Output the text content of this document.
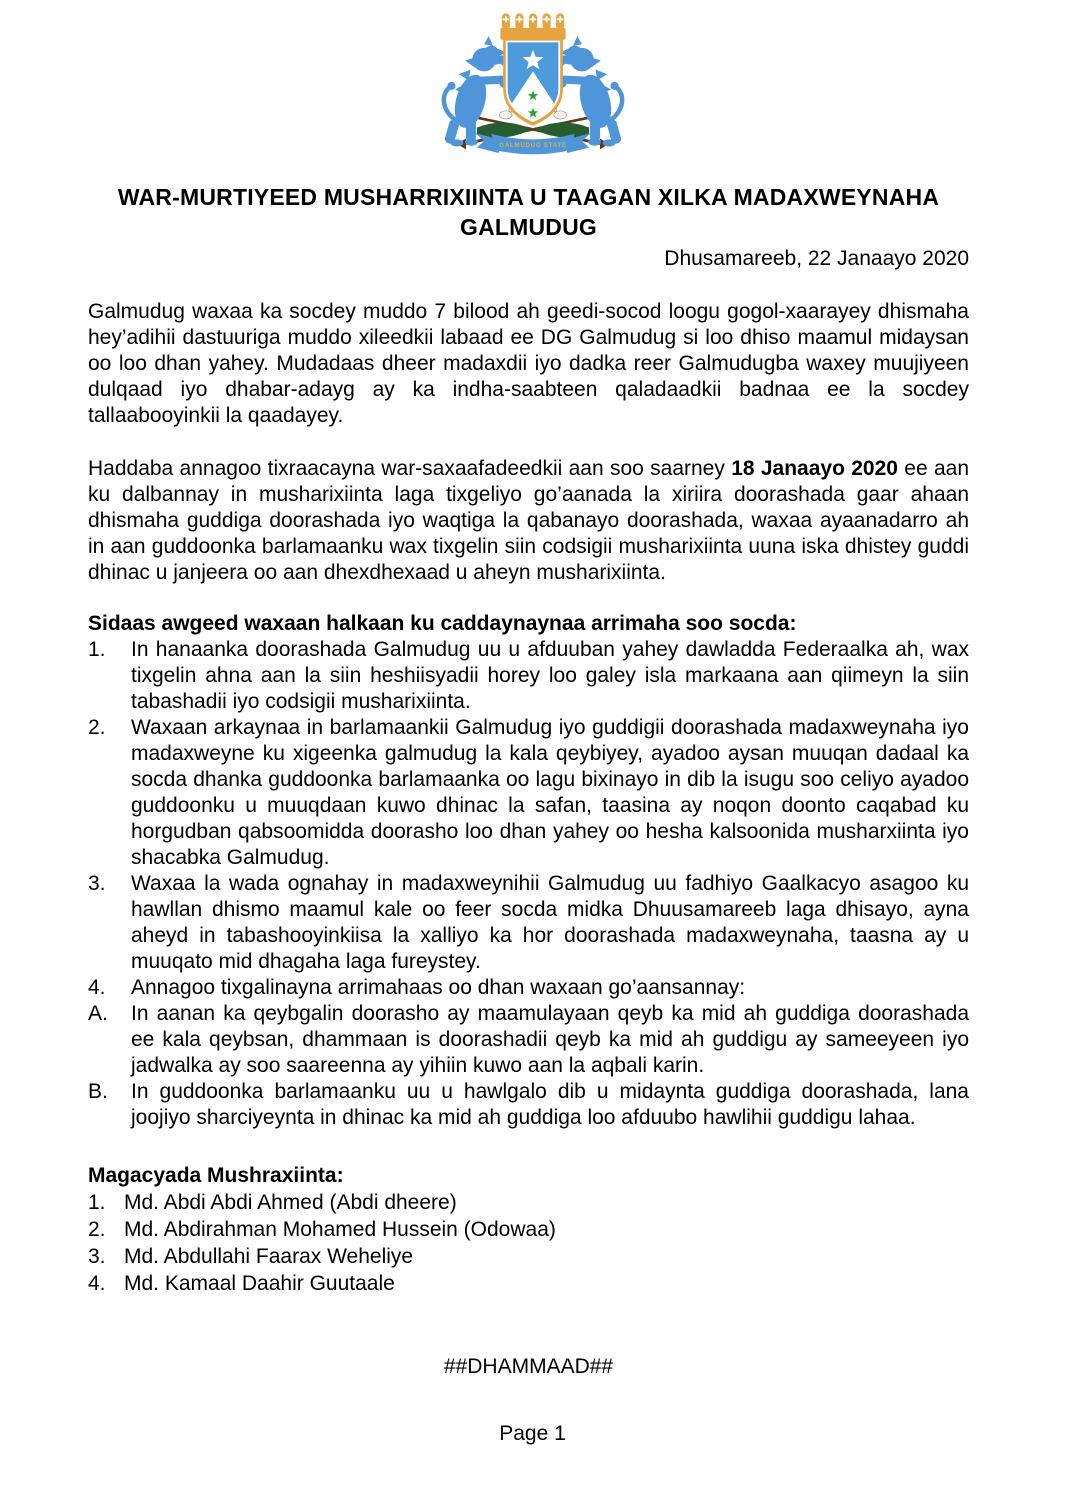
GALMUDUG STATE
WAR-MURTIYEED MUSHARRIXIINTA U TAAGAN XILKA MADAXWEYNAHA
GALMUDUG
Dhusamareeb, 22 Janaayo 2020

Galmudug waxaa ka socdey muddo 7 bilood ah geedi-socod loogu gogol-xaarayey dhismaha hey’adihii dastuuriga muddo xileedkii labaad ee DG Galmudug si loo dhiso maamul midaysan oo loo dhan yahey. Mudadaas dheer madaxdii iyo dadka reer Galmudugba waxey muujiyeen dulqaad iyo dhabar-adayg ay ka indha-saabteen qaladaadkii badnaa ee la socdey tallaabooyinkii la qaadayey.

Haddaba annagoo tixraacayna war-saxaafadeedkii aan soo saarney 18 Janaayo 2020 ee aan ku dalbannay in musharixiinta laga tixgeliyo go’aanada la xiriira doorashada gaar ahaan dhismaha guddiga doorashada iyo waqtiga la qabanayo doorashada, waxaa ayaanadarro ah in aan guddoonka barlamaanku wax tixgelin siin codsigii musharixiinta uuna iska dhistey guddi dhinac u janjeera oo aan dhexdhexaad u aheyn musharixiinta.

Sidaas awgeed waxaan halkaan ku caddaynaynaa arrimaha soo socda:
1.	In hanaanka doorashada Galmudug uu u afduuban yahey dawladda Federaalka ah, wax tixgelin ahna aan la siin heshiisyadii horey loo galey isla markaana aan qiimeyn la siin tabashadii iyo codsigii musharixiinta.
2.	Waxaan arkaynaa in barlamaankii Galmudug iyo guddigii doorashada madaxweynaha iyo madaxweyne ku xigeenka galmudug la kala qeybiyey, ayadoo aysan muuqan dadaal ka socda dhanka guddoonka barlamaanka oo lagu bixinayo in dib la isugu soo celiyo ayadoo guddoonku u muuqdaan kuwo dhinac la safan, taasina ay noqon doonto caqabad ku horgudban qabsoomidda doorasho loo dhan yahey oo hesha kalsoonida musharxiinta iyo shacabka Galmudug.
3.	Waxaa la wada ognahay in madaxweynihii Galmudug uu fadhiyo Gaalkacyo asagoo ku hawllan dhismo maamul kale oo feer socda midka Dhuusamareeb laga dhisayo, ayna aheyd in tabashooyinkiisa la xalliyo ka hor doorashada madaxweynaha, taasna ay u muuqato mid dhagaha laga fureystey.
4.	Annagoo tixgalinayna arrimahaas oo dhan waxaan go’aansannay:
A.	In aanan ka qeybgalin doorasho ay maamulayaan qeyb ka mid ah guddiga doorashada ee kala qeybsan, dhammaan is doorashadii qeyb ka mid ah guddigu ay sameeyeen iyo jadwalka ay soo saareenna ay yihiin kuwo aan la aqbali karin.
B.	In guddoonka barlamaanku uu u hawlgalo dib u midaynta guddiga doorashada, lana joojiyo sharciyeynta in dhinac ka mid ah guddiga loo afduubo hawlihii guddigu lahaa.
Magacyada Mushraxiinta:
1. Md. Abdi Abdi Ahmed (Abdi dheere)
2. Md. Abdirahman Mohamed Hussein (Odowaa)
3. Md. Abdullahi Faarax Weheliye
4. Md. Kamaal Daahir Guutaale
##DHAMMAAD##
Page 1
